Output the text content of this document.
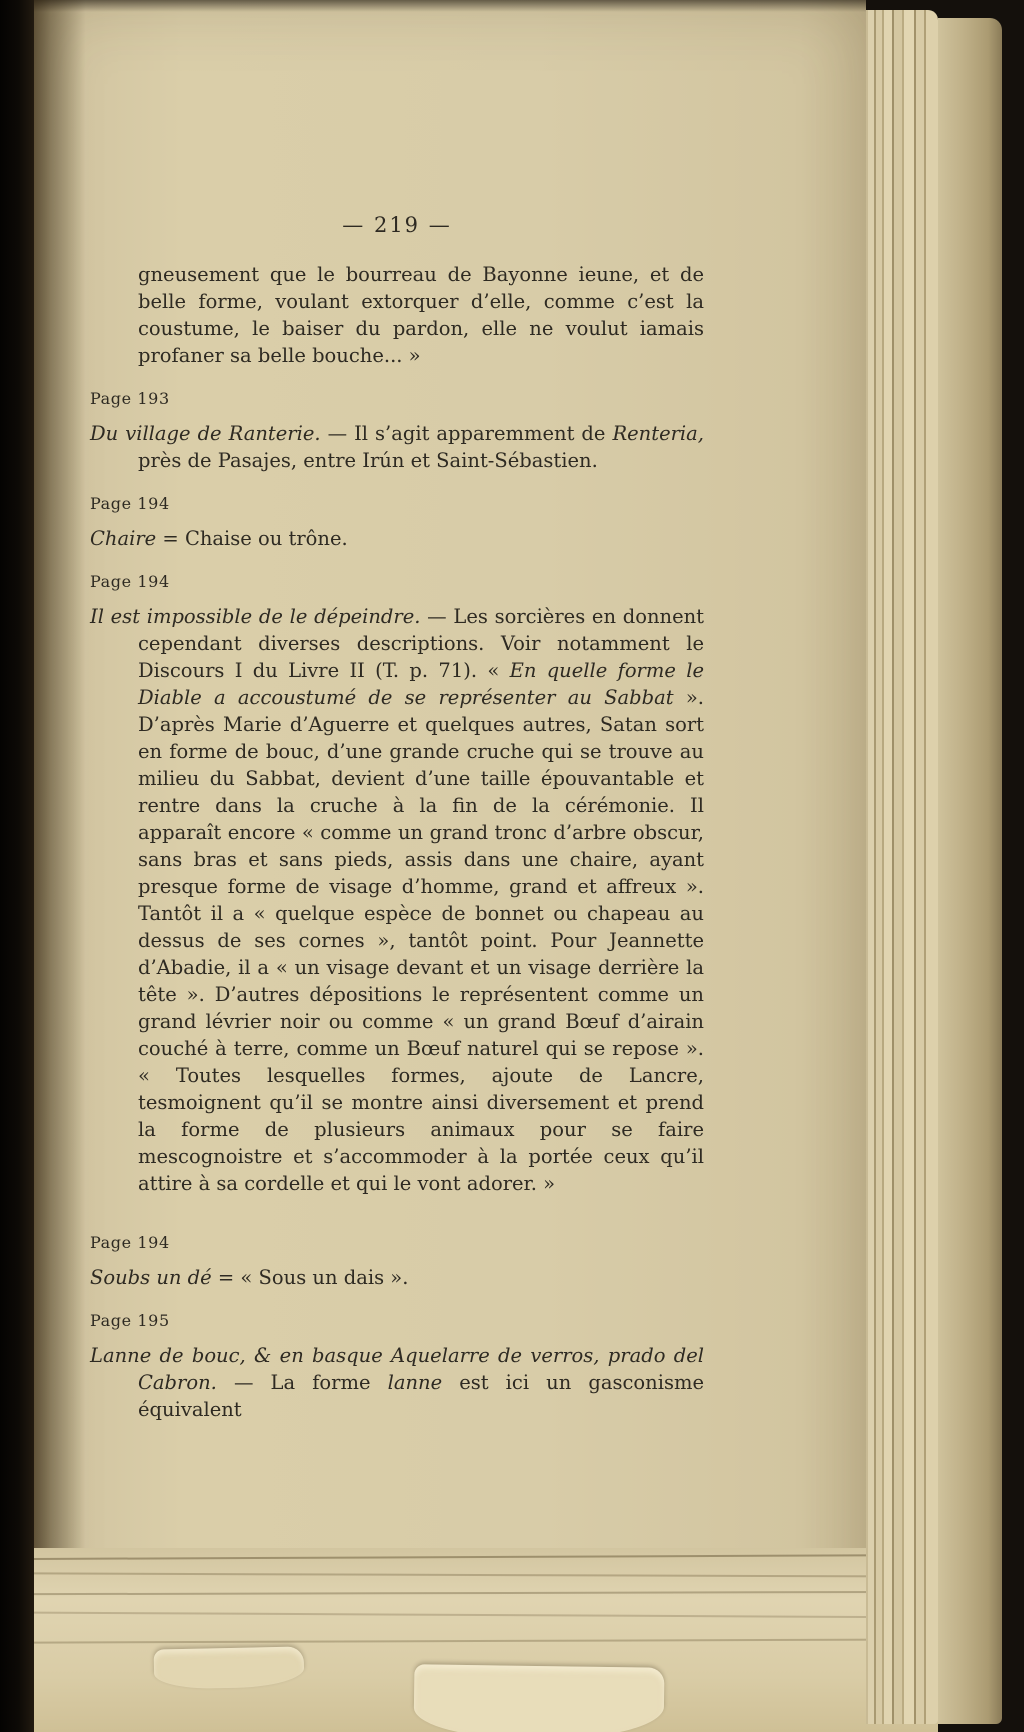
— 219 —

gneusement que le bourreau de Bayonne ieune, et de belle forme, voulant extorquer d’elle, comme c’est la coustume, le baiser du pardon, elle ne voulut iamais profaner sa belle bouche... »

Page 193

Du village de Ranterie. — Il s’agit apparemment de Renteria, près de Pasajes, entre Irún et Saint-Sébastien.

Page 194

Chaire = Chaise ou trône.

Page 194

Il est impossible de le dépeindre. — Les sorcières en donnent cependant diverses descriptions. Voir notamment le Discours I du Livre II (T. p. 71). « En quelle forme le Diable a accoustumé de se représenter au Sabbat ». D’après Marie d’Aguerre et quelques autres, Satan sort en forme de bouc, d’une grande cruche qui se trouve au milieu du Sabbat, devient d’une taille épouvantable et rentre dans la cruche à la fin de la cérémonie. Il apparaît encore « comme un grand tronc d’arbre obscur, sans bras et sans pieds, assis dans une chaire, ayant presque forme de visage d’homme, grand et affreux ». Tantôt il a « quelque espèce de bonnet ou chapeau au dessus de ses cornes », tantôt point. Pour Jeannette d’Abadie, il a « un visage devant et un visage derrière la tête ». D’autres dépositions le représentent comme un grand lévrier noir ou comme « un grand Bœuf d’airain couché à terre, comme un Bœuf naturel qui se repose ». « Toutes lesquelles formes, ajoute de Lancre, tesmoignent qu’il se montre ainsi diversement et prend la forme de plusieurs animaux pour se faire mescognoistre et s’accommoder à la portée ceux qu’il attire à sa cordelle et qui le vont adorer. »

Page 194

Soubs un dé = « Sous un dais ».

Page 195

Lanne de bouc, & en basque Aquelarre de verros, prado del Cabron. — La forme lanne est ici un gasconisme équivalent
